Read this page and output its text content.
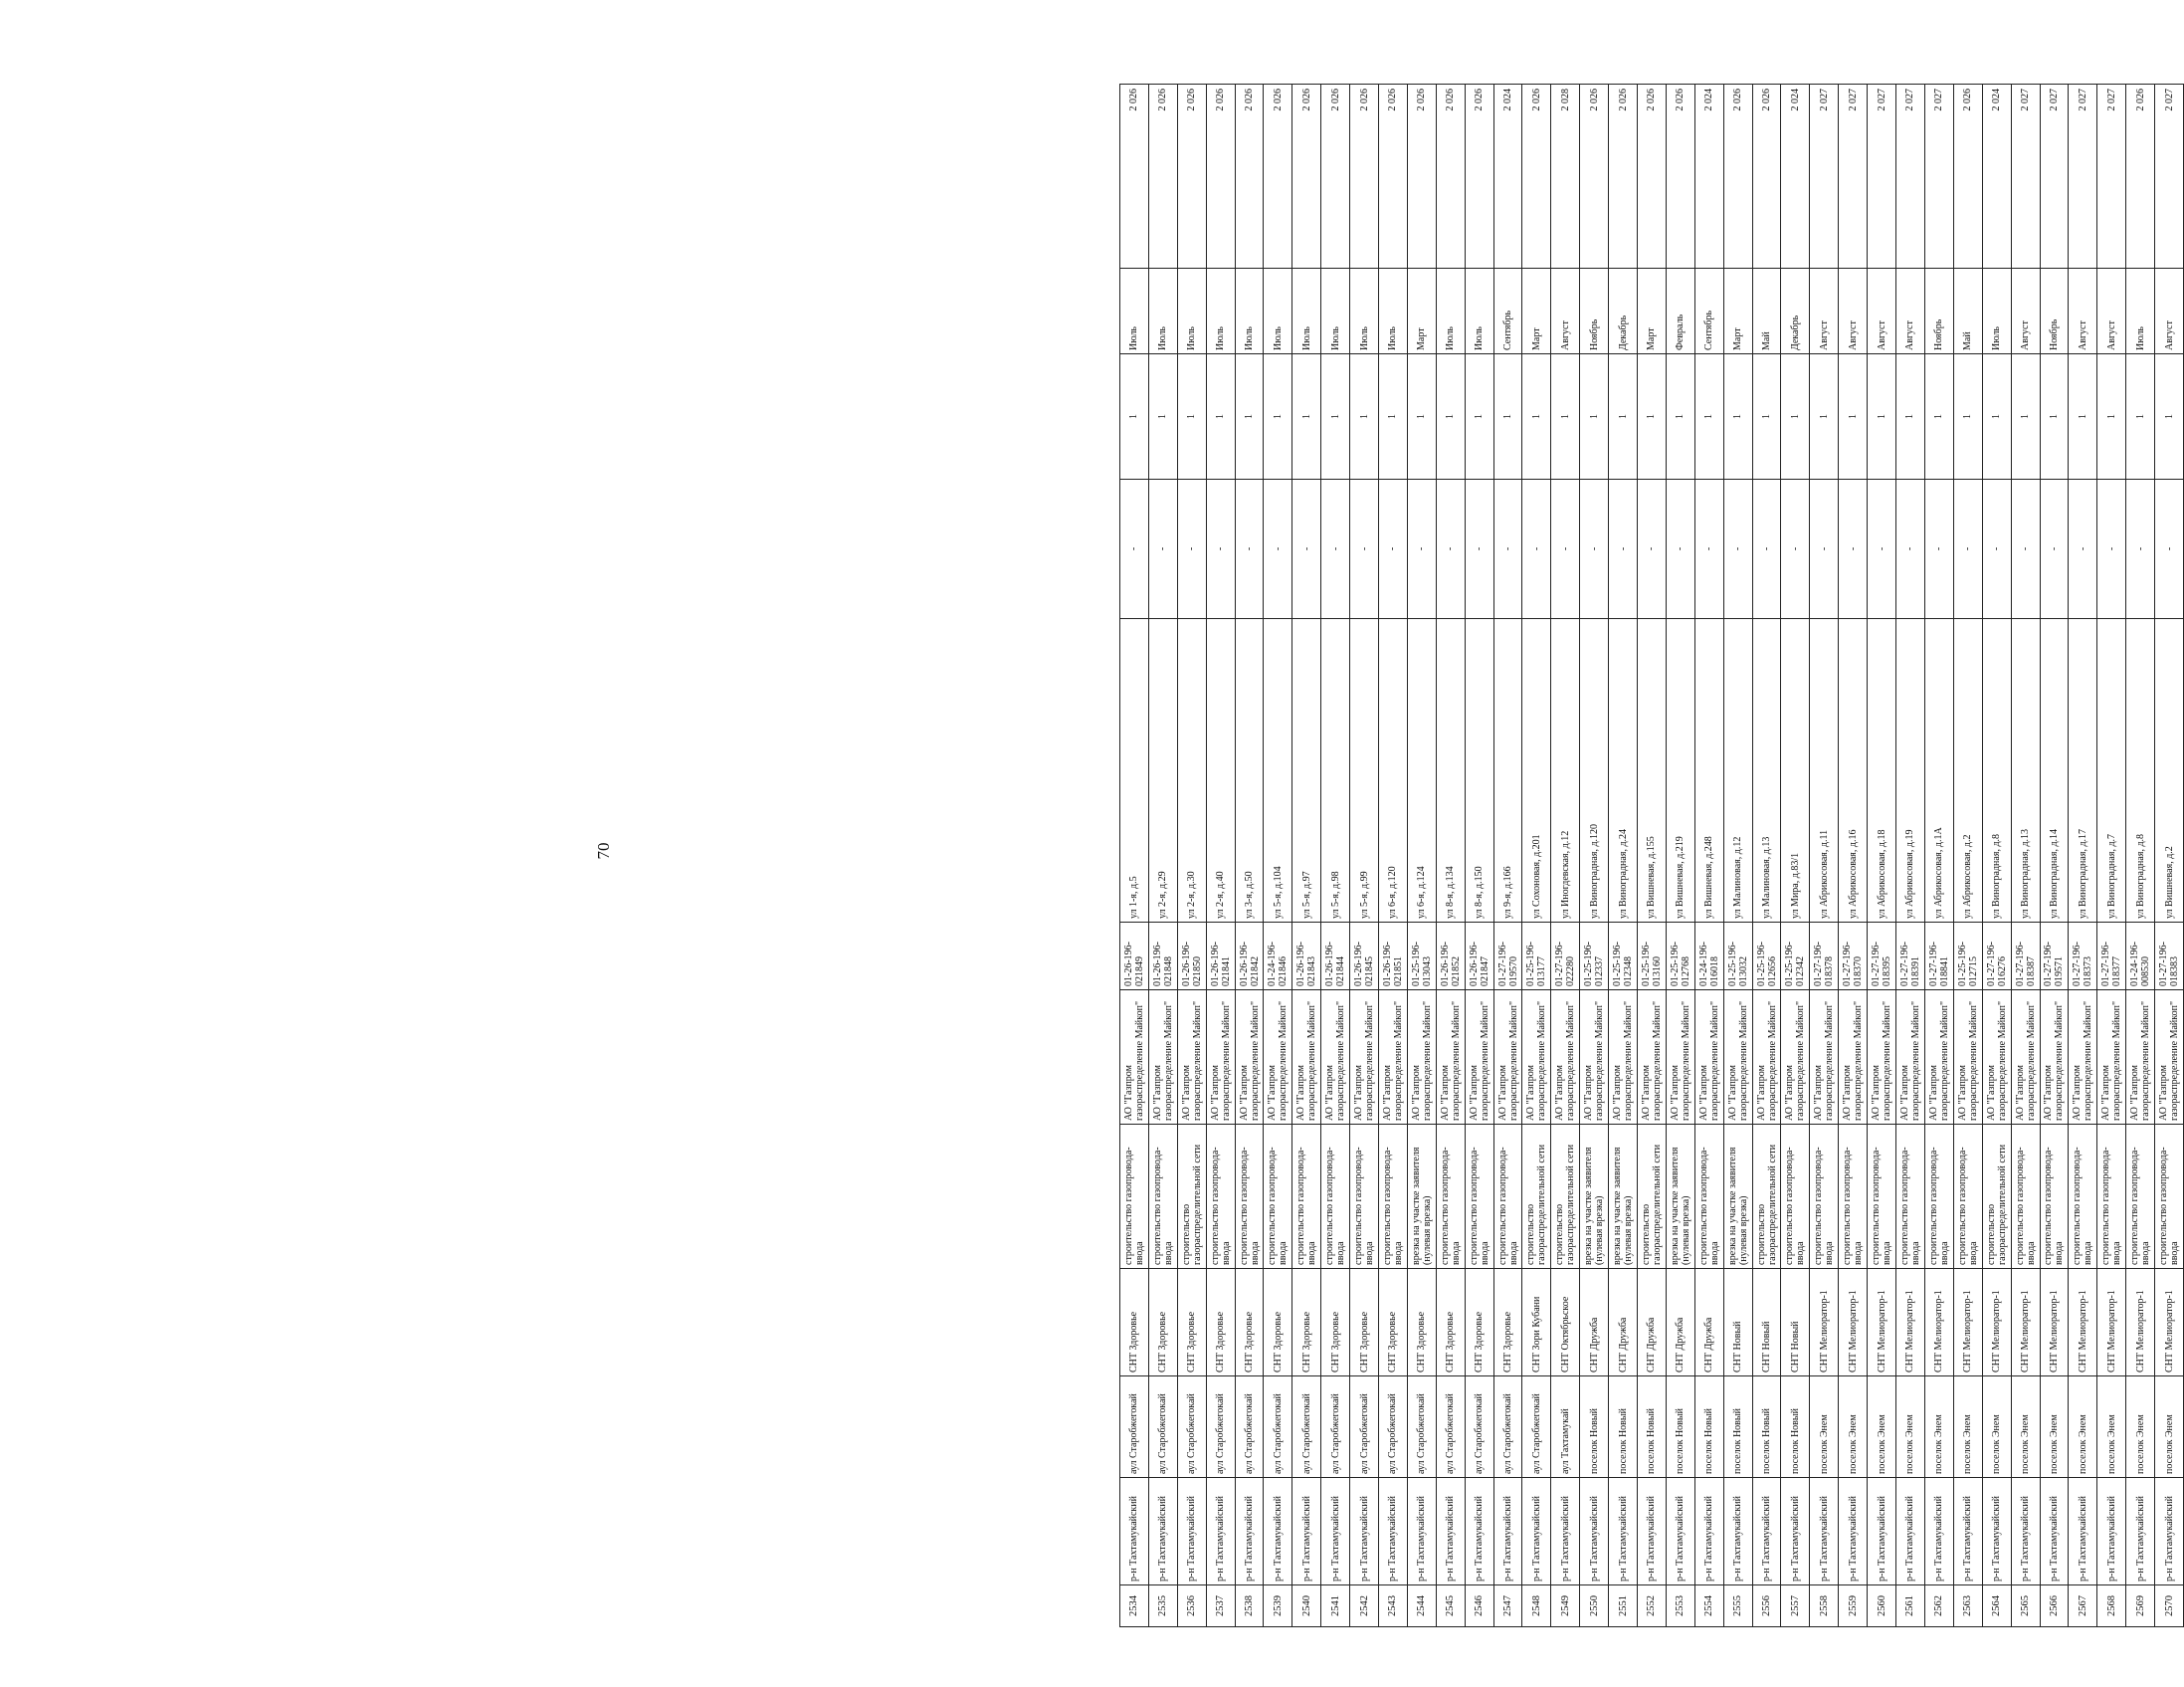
70
2534	р-н Тахтамукайский	аул Старобжегокай	СНТ Здоровье	строительство газопровода-ввода	АО "Газпром газораспределение Майкоп"	01-26-196-021849	ул 1-я, д.5	-	1	Июль	2 026
2535	р-н Тахтамукайский	аул Старобжегокай	СНТ Здоровье	строительство газопровода-ввода	АО "Газпром газораспределение Майкоп"	01-26-196-021848	ул 2-я, д.29	-	1	Июль	2 026
2536	р-н Тахтамукайский	аул Старобжегокай	СНТ Здоровье	строительство газораспределительной сети	АО "Газпром газораспределение Майкоп"	01-26-196-021850	ул 2-я, д.30	-	1	Июль	2 026
2537	р-н Тахтамукайский	аул Старобжегокай	СНТ Здоровье	строительство газопровода-ввода	АО "Газпром газораспределение Майкоп"	01-26-196-021841	ул 2-я, д.40	-	1	Июль	2 026
2538	р-н Тахтамукайский	аул Старобжегокай	СНТ Здоровье	строительство газопровода-ввода	АО "Газпром газораспределение Майкоп"	01-26-196-021842	ул 3-я, д.50	-	1	Июль	2 026
2539	р-н Тахтамукайский	аул Старобжегокай	СНТ Здоровье	строительство газопровода-ввода	АО "Газпром газораспределение Майкоп"	01-24-196-021846	ул 5-я, д.104	-	1	Июль	2 026
2540	р-н Тахтамукайский	аул Старобжегокай	СНТ Здоровье	строительство газопровода-ввода	АО "Газпром газораспределение Майкоп"	01-26-196-021843	ул 5-я, д.97	-	1	Июль	2 026
2541	р-н Тахтамукайский	аул Старобжегокай	СНТ Здоровье	строительство газопровода-ввода	АО "Газпром газораспределение Майкоп"	01-26-196-021844	ул 5-я, д.98	-	1	Июль	2 026
2542	р-н Тахтамукайский	аул Старобжегокай	СНТ Здоровье	строительство газопровода-ввода	АО "Газпром газораспределение Майкоп"	01-26-196-021845	ул 5-я, д.99	-	1	Июль	2 026
2543	р-н Тахтамукайский	аул Старобжегокай	СНТ Здоровье	строительство газопровода-ввода	АО "Газпром газораспределение Майкоп"	01-26-196-021851	ул 6-я, д.120	-	1	Июль	2 026
2544	р-н Тахтамукайский	аул Старобжегокай	СНТ Здоровье	врезка на участке заявителя (нулевая врезка)	АО "Газпром газораспределение Майкоп"	01-25-196-013043	ул 6-я, д.124	-	1	Март	2 026
2545	р-н Тахтамукайский	аул Старобжегокай	СНТ Здоровье	строительство газопровода-ввода	АО "Газпром газораспределение Майкоп"	01-26-196-021852	ул 8-я, д.134	-	1	Июль	2 026
2546	р-н Тахтамукайский	аул Старобжегокай	СНТ Здоровье	строительство газопровода-ввода	АО "Газпром газораспределение Майкоп"	01-26-196-021847	ул 8-я, д.150	-	1	Июль	2 026
2547	р-н Тахтамукайский	аул Старобжегокай	СНТ Здоровье	строительство газопровода-ввода	АО "Газпром газораспределение Майкоп"	01-27-196-019570	ул 9-я, д.166	-	1	Сентябрь	2 024
2548	р-н Тахтамукайский	аул Старобжегокай	СНТ Зори Кубани	строительство газораспределительной сети	АО "Газпром газораспределение Майкоп"	01-25-196-013177	ул Сохоновая, д.201	-	1	Март	2 026
2549	р-н Тахтамукайский	аул Тахтамукай	СНТ Октябрьское	строительство газораспределительной сети	АО "Газпром газораспределение Майкоп"	01-27-196-022280	ул Иногдевская, д.12	-	1	Август	2 028
2550	р-н Тахтамукайский	поселок Новый	СНТ Дружба	врезка на участке заявителя (нулевая врезка)	АО "Газпром газораспределение Майкоп"	01-25-196-012337	ул Виноградная, д.120	-	1	Ноябрь	2 026
2551	р-н Тахтамукайский	поселок Новый	СНТ Дружба	врезка на участке заявителя (нулевая врезка)	АО "Газпром газораспределение Майкоп"	01-25-196-012348	ул Виноградная, д.24	-	1	Декабрь	2 026
2552	р-н Тахтамукайский	поселок Новый	СНТ Дружба	строительство газораспределительной сети	АО "Газпром газораспределение Майкоп"	01-25-196-013160	ул Вишневая, д.155	-	1	Март	2 026
2553	р-н Тахтамукайский	поселок Новый	СНТ Дружба	врезка на участке заявителя (нулевая врезка)	АО "Газпром газораспределение Майкоп"	01-25-196-012768	ул Вишневая, д.219	-	1	Февраль	2 026
2554	р-н Тахтамукайский	поселок Новый	СНТ Дружба	строительство газопровода-ввода	АО "Газпром газораспределение Майкоп"	01-24-196-016018	ул Вишневая, д.248	-	1	Сентябрь	2 024
2555	р-н Тахтамукайский	поселок Новый	СНТ Новый	врезка на участке заявителя (нулевая врезка)	АО "Газпром газораспределение Майкоп"	01-25-196-013032	ул Малиновая, д.12	-	1	Март	2 026
2556	р-н Тахтамукайский	поселок Новый	СНТ Новый	строительство газораспределительной сети	АО "Газпром газораспределение Майкоп"	01-25-196-012656	ул Малиновая, д.13	-	1	Май	2 026
2557	р-н Тахтамукайский	поселок Новый	СНТ Новый	строительство газопровода-ввода	АО "Газпром газораспределение Майкоп"	01-25-196-012342	ул Мира, д.83/1	-	1	Декабрь	2 024
2558	р-н Тахтамукайский	поселок Энем	СНТ Мелиоратор-1	строительство газопровода-ввода	АО "Газпром газораспределение Майкоп"	01-27-196-018378	ул Абрикосовая, д.11	-	1	Август	2 027
2559	р-н Тахтамукайский	поселок Энем	СНТ Мелиоратор-1	строительство газопровода-ввода	АО "Газпром газораспределение Майкоп"	01-27-196-018370	ул Абрикосовая, д.16	-	1	Август	2 027
2560	р-н Тахтамукайский	поселок Энем	СНТ Мелиоратор-1	строительство газопровода-ввода	АО "Газпром газораспределение Майкоп"	01-27-196-018395	ул Абрикосовая, д.18	-	1	Август	2 027
2561	р-н Тахтамукайский	поселок Энем	СНТ Мелиоратор-1	строительство газопровода-ввода	АО "Газпром газораспределение Майкоп"	01-27-196-018391	ул Абрикосовая, д.19	-	1	Август	2 027
2562	р-н Тахтамукайский	поселок Энем	СНТ Мелиоратор-1	строительство газопровода-ввода	АО "Газпром газораспределение Майкоп"	01-27-196-018841	ул Абрикосовая, д.1А	-	1	Ноябрь	2 027
2563	р-н Тахтамукайский	поселок Энем	СНТ Мелиоратор-1	строительство газопровода-ввода	АО "Газпром газораспределение Майкоп"	01-25-196-012715	ул Абрикосовая, д.2	-	1	Май	2 026
2564	р-н Тахтамукайский	поселок Энем	СНТ Мелиоратор-1	строительство газораспределительной сети	АО "Газпром газораспределение Майкоп"	01-27-196-016276	ул Виноградная, д.8	-	1	Июль	2 024
2565	р-н Тахтамукайский	поселок Энем	СНТ Мелиоратор-1	строительство газопровода-ввода	АО "Газпром газораспределение Майкоп"	01-27-196-018387	ул Виноградная, д.13	-	1	Август	2 027
2566	р-н Тахтамукайский	поселок Энем	СНТ Мелиоратор-1	строительство газопровода-ввода	АО "Газпром газораспределение Майкоп"	01-27-196-019571	ул Виноградная, д.14	-	1	Ноябрь	2 027
2567	р-н Тахтамукайский	поселок Энем	СНТ Мелиоратор-1	строительство газопровода-ввода	АО "Газпром газораспределение Майкоп"	01-27-196-018373	ул Виноградная, д.17	-	1	Август	2 027
2568	р-н Тахтамукайский	поселок Энем	СНТ Мелиоратор-1	строительство газопровода-ввода	АО "Газпром газораспределение Майкоп"	01-27-196-018377	ул Виноградная, д.7	-	1	Август	2 027
2569	р-н Тахтамукайский	поселок Энем	СНТ Мелиоратор-1	строительство газопровода-ввода	АО "Газпром газораспределение Майкоп"	01-24-196-008530	ул Виноградная, д.8	-	1	Июль	2 026
2570	р-н Тахтамукайский	поселок Энем	СНТ Мелиоратор-1	строительство газопровода-ввода	АО "Газпром газораспределение Майкоп"	01-27-196-018383	ул Вишневая, д.2	-	1	Август	2 027
